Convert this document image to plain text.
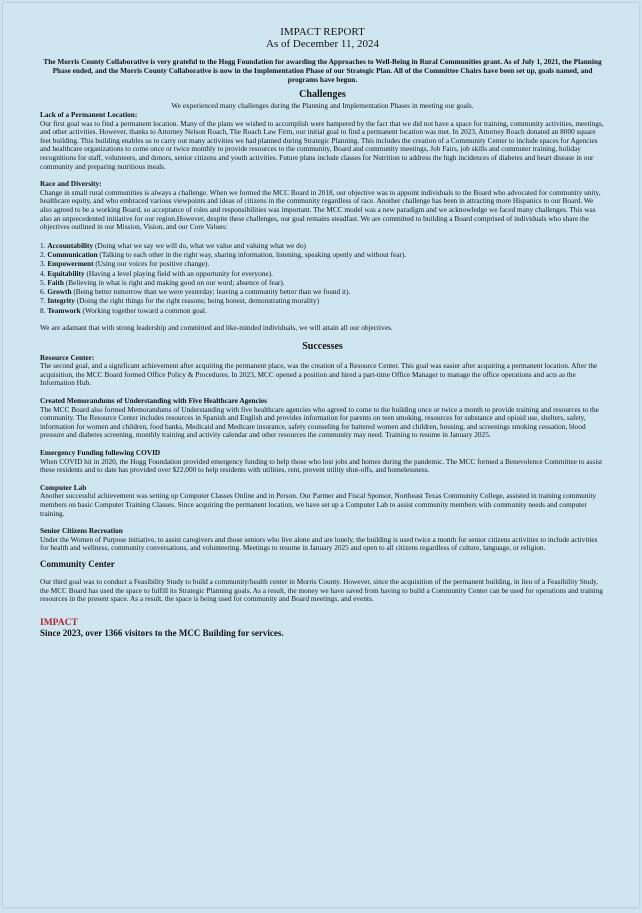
IMPACT REPORT
As of December 11, 2024

The Morris County Collaborative is very grateful to the Hogg Foundation for awarding the Approaches to Well-Being in Rural Communities grant. As of July 1, 2021, the Planning Phase ended, and the Morris County Collaborative is now in the Implementation Phase of our Strategic Plan. All of the Committee Chairs have been set up, goals named, and programs have begun.

Challenges
We experienced many challenges during the Planning and Implementation Phases in meeting our goals.
Lack of a Permanent Location:

Our first goal was to find a permanent location. Many of the plans we wished to accomplish were hampered by the fact that we did not have a space for training, community activities, meetings, and other activities. However, thanks to Attorney Nelson Roach, The Roach Law Firm, our initial goal to find a permanent location was met. In 2023, Attorney Roach donated an 8000 square feet building. This building enables us to carry out many activities we had planned during Strategic Planning. This includes the creation of a Community Center to include spaces for Agencies and healthcare organizations to come once or twice monthly to provide resources to the community, Board and community meetings, Job Fairs, job skills and commuter training, holiday recognitions for staff, volunteers, and donors, senior citizens and youth activities. Future plans include classes for Nutrition to address the high incidences of diabetes and heart disease in our community and preparing nutritious meals.

Race and Diversity:

Change in small rural communities is always a challenge. When we formed the MCC Board in 2018, our objective was to appoint individuals to the Board who advocated for community unity, healthcare equity, and who embraced various viewpoints and ideas of citizens in the community regardless of race. Another challenge has been in attracting more Hispanics to our Board. We also agreed to be a working Board, so acceptance of roles and responsibilities was important. The MCC model was a new paradigm and we acknowledge we faced many challenges. This was also an unprecedented initiative for our region.However, despite these challenges, our goal remains steadfast. We are committed to building a Board comprised of individuals who share the objectives outlined in our Mission, Vision, and our Core Values:

1. Accountability (Doing what we say we will do, what we value and valuing what we do)
2. Communication (Talking to each other in the right way, sharing information, listening, speaking openly and without fear).
3. Empowerment (Using our voices for positive change).
4. Equitability (Having a level playing field with an opportunity for everyone).
5. Faith (Believing in what is right and making good on our word; absence of fear).
6. Growth (Being better tomorrow than we were yesterday; leaving a community better than we found it).
7. Integrity (Doing the right things for the right reasons; being honest, demonstrating morality)
8. Teamwork (Working together toward a common goal.

We are adamant that with strong leadership and committed and like-minded individuals, we will attain all our objectives.

Successes
Resource Center:

The second goal, and a significant achievement after acquiring the permanent place, was the creation of a Resource Center. This goal was easier after acquiring a permanent location. After the acquisition, the MCC Board formed Office Policy & Procedures. In 2023, MCC opened a position and hired a part-time Office Manager to manage the office operations and acts as the Information Hub.

Created Memorandums of Understanding with Five Healthcare Agencies

The MCC Board also formed Memorandums of Understanding with five healthcare agencies who agreed to come to the building once or twice a month to provide training and resources to the community. The Resource Center includes resources in Spanish and English and provides information for parents on teen smoking, resources for substance and opioid use, shelters, safety, information for women and children, food banks, Medicaid and Medicare insurance, safety counseling for battered women and children, housing, and screenings smoking cessation, blood pressure and diabetes screening, monthly training and activity calendar and other resources the community may need. Training to resume in January 2025.

Emergency Funding following COVID

When COVID hit in 2020, the Hogg Foundation provided emergency funding to help those who lost jobs and homes during the pandemic. The MCC formed a Benevolence Committee to assist these residents and to date has provided over $22,000 to help residents with utilities, rent, prevent utility shut-offs, and homelessness.

Computer Lab

Another successful achievement was setting up Computer Classes Online and in Person. Our Partner and Fiscal Sponsor, Northeast Texas Community College, assisted in training community members on basic Computer Training Classes. Since acquiring the permanent location, we have set up a Computer Lab to assist community members with community needs and computer training.

Senior Citizens Recreation

Under the Women of Purpose initiative, to assist caregivers and those seniors who live alone and are lonely, the building is used twice a month for senior citizens activities to include activities for health and wellness, community conversations, and volunteering. Meetings to resume in January 2025 and open to all citizens regardless of culture, language, or religion.

Community Center

Our third goal was to conduct a Feasibility Study to build a community/health center in Morris County. However, since the acquisition of the permanent building, in lieu of a Feasibility Study, the MCC Board has used the space to fulfill its Strategic Planning goals. As a result, the money we have saved from having to build a Community Center can be used for operations and training resources in the present space. As a result, the space is being used for community and Board meetings, and events.

IMPACT
Since 2023, over 1366 visitors to the MCC Building for services.
